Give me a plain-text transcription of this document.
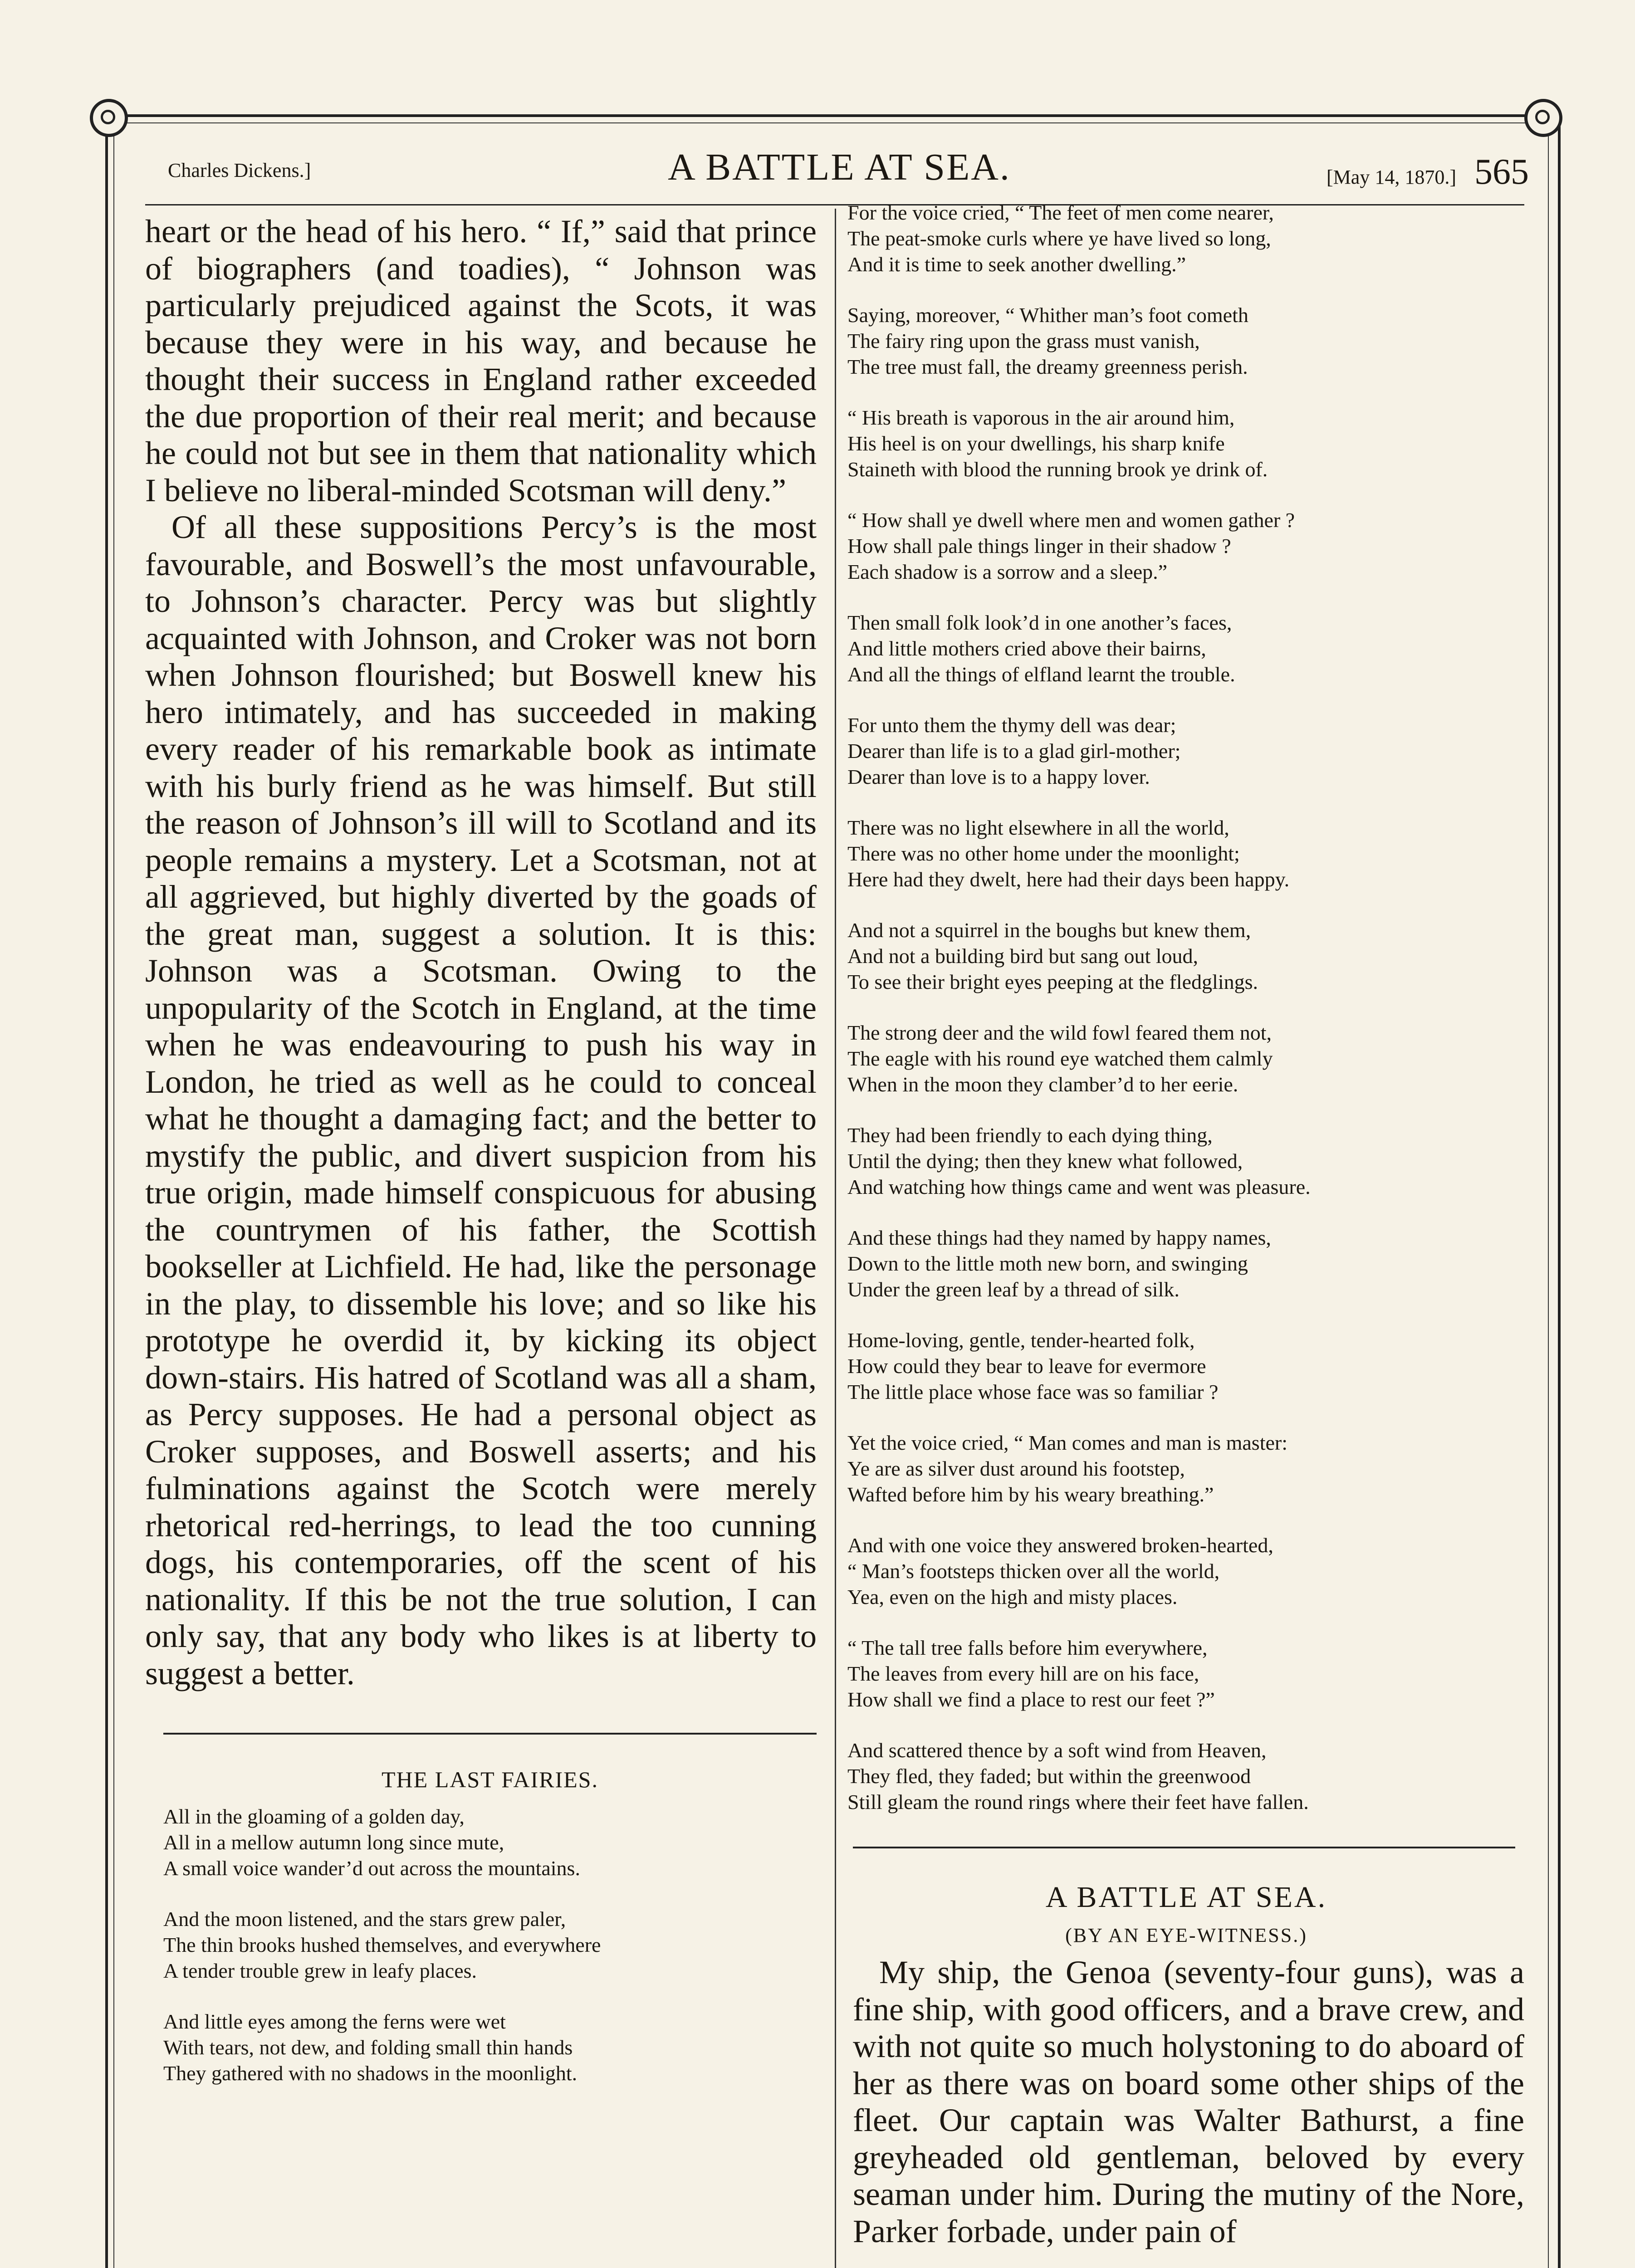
Charles Dickens.]	A BATTLE AT SEA.	[May 14, 1870.] 565

heart or the head of his hero. “ If,” said that prince of biographers (and toadies), “ Johnson was particularly prejudiced against the Scots, it was because they were in his way, and because he thought their success in England rather exceeded the due proportion of their real merit; and because he could not but see in them that nationality which I believe no liberal-minded Scotsman will deny.”

Of all these suppositions Percy’s is the most favourable, and Boswell’s the most unfavourable, to Johnson’s character. Percy was but slightly acquainted with Johnson, and Croker was not born when Johnson flourished; but Boswell knew his hero intimately, and has succeeded in making every reader of his remarkable book as intimate with his burly friend as he was himself. But still the reason of Johnson’s ill will to Scotland and its people remains a mystery. Let a Scotsman, not at all aggrieved, but highly diverted by the goads of the great man, suggest a solution. It is this: Johnson was a Scotsman. Owing to the unpopularity of the Scotch in England, at the time when he was endeavouring to push his way in London, he tried as well as he could to conceal what he thought a damaging fact; and the better to mystify the public, and divert suspicion from his true origin, made himself conspicuous for abusing the countrymen of his father, the Scottish bookseller at Lichfield. He had, like the personage in the play, to dissemble his love; and so like his prototype he overdid it, by kicking its object down-stairs. His hatred of Scotland was all a sham, as Percy supposes. He had a personal object as Croker supposes, and Boswell asserts; and his fulminations against the Scotch were merely rhetorical red-herrings, to lead the too cunning dogs, his contemporaries, off the scent of his nationality. If this be not the true solution, I can only say, that any body who likes is at liberty to suggest a better.

THE LAST FAIRIES.

All in the gloaming of a golden day,
All in a mellow autumn long since mute,
A small voice wander’d out across the mountains.
And the moon listened, and the stars grew paler,
The thin brooks hushed themselves, and everywhere
A tender trouble grew in leafy places.
And little eyes among the ferns were wet
With tears, not dew, and folding small thin hands
They gathered with no shadows in the moonlight.
For the voice cried, “ The feet of men come nearer,
The peat-smoke curls where ye have lived so long,
And it is time to seek another dwelling.”
Saying, moreover, “ Whither man’s foot cometh
The fairy ring upon the grass must vanish,
The tree must fall, the dreamy greenness perish.
“ His breath is vaporous in the air around him,
His heel is on your dwellings, his sharp knife
Staineth with blood the running brook ye drink of.
“ How shall ye dwell where men and women gather ?
How shall pale things linger in their shadow ?
Each shadow is a sorrow and a sleep.”
Then small folk look’d in one another’s faces,
And little mothers cried above their bairns,
And all the things of elfland learnt the trouble.
For unto them the thymy dell was dear;
Dearer than life is to a glad girl-mother;
Dearer than love is to a happy lover.
There was no light elsewhere in all the world,
There was no other home under the moonlight;
Here had they dwelt, here had their days been happy.
And not a squirrel in the boughs but knew them,
And not a building bird but sang out loud,
To see their bright eyes peeping at the fledglings.
The strong deer and the wild fowl feared them not,
The eagle with his round eye watched them calmly
When in the moon they clamber’d to her eerie.
They had been friendly to each dying thing,
Until the dying; then they knew what followed,
And watching how things came and went was pleasure.
And these things had they named by happy names,
Down to the little moth new born, and swinging
Under the green leaf by a thread of silk.
Home-loving, gentle, tender-hearted folk,
How could they bear to leave for evermore
The little place whose face was so familiar ?
Yet the voice cried, “ Man comes and man is master:
Ye are as silver dust around his footstep,
Wafted before him by his weary breathing.”
And with one voice they answered broken-hearted,
“ Man’s footsteps thicken over all the world,
Yea, even on the high and misty places.
“ The tall tree falls before him everywhere,
The leaves from every hill are on his face,
How shall we find a place to rest our feet ?”
And scattered thence by a soft wind from Heaven,
They fled, they faded; but within the greenwood
Still gleam the round rings where their feet have fallen.

A BATTLE AT SEA.

(BY AN EYE-WITNESS.)

My ship, the Genoa (seventy-four guns), was a fine ship, with good officers, and a brave crew, and with not quite so much holystoning to do aboard of her as there was on board some other ships of the fleet. Our captain was Walter Bathurst, a fine greyheaded old gentleman, beloved by every seaman under him. During the mutiny of the Nore, Parker forbade, under pain of
